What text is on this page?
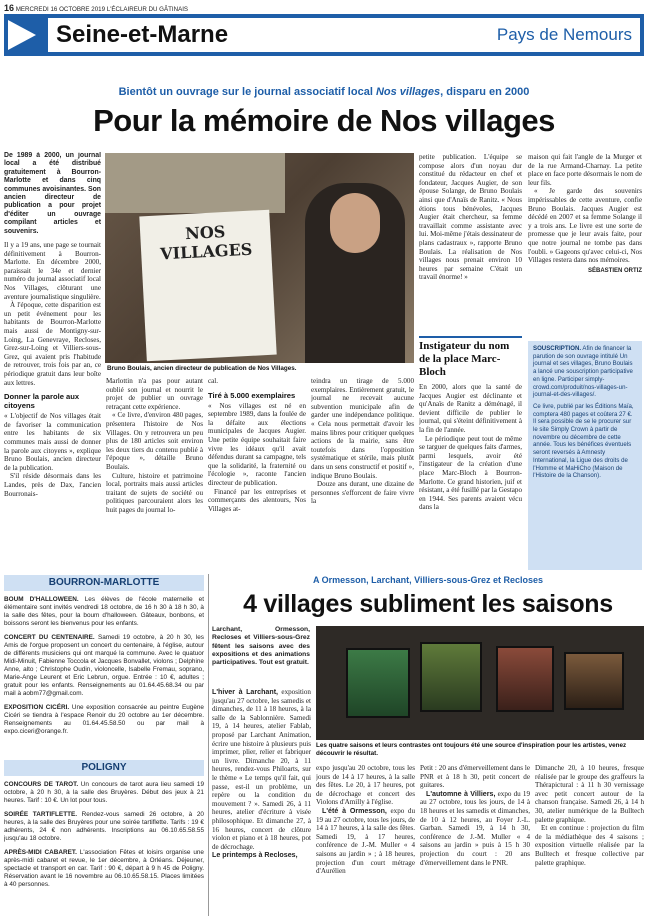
16 MERCREDI 16 OCTOBRE 2019 L'ÉCLAIREUR DU GÂTINAIS
Seine-et-Marne	Pays de Nemours
Bientôt un ouvrage sur le journal associatif local Nos villages, disparu en 2000
Pour la mémoire de Nos villages
De 1989 à 2000, un journal local a été distribué gratuitement à Bourron-Marlotte et dans cinq communes avoisinantes. Son ancien directeur de publication a pour projet d'éditer un ouvrage compilant articles et souvenirs.

Il y a 19 ans, une page se tournait définitivement à Bourron-Marlotte. En décembre 2000, paraissait le 34e et dernier numéro du journal associatif local Nos Villages, clôturant une aventure journalistique singulière.

À l'époque, cette disparition est un petit événement pour les habitants de Bourron-Marlotte mais aussi de Montigny-sur-Loing, La Genevraye, Recloses, Grez-sur-Loing et Villiers-sous-Grez, qui avaient pris l'habitude de retrouver, trois fois par an, ce périodique gratuit dans leur boîte aux lettres.

Donner la parole aux citoyens

« L'objectif de Nos villages était de favoriser la communication entre les habitants de six communes mais aussi de donner la parole aux citoyens », explique Bruno Boulais, ancien directeur de la publication.

S'il réside désormais dans les Landes, près de Dax, l'ancien Bourronais-

NOS VILLAGES
Bruno Boulais, ancien directeur de publication de Nos Villages.

Marlottin n'a pas pour autant oublié son journal et nourrit le projet de publier un ouvrage retraçant cette expérience.

« Ce livre, d'environ 480 pages, présentera l'histoire de Nos Villages. On y retrouvera un peu plus de 180 articles soit environ les deux tiers du contenu publié à l'époque », détaille Bruno Boulais.

Culture, histoire et patrimoine local, portraits mais aussi articles traitant de sujets de société ou politiques parcouraient alors les huit pages du journal lo-

cal.

Tiré à 5.000 exemplaires

« Nos villages est né en septembre 1989, dans la foulée de la défaite aux élections municipales de Jacques Augier. Une petite équipe souhaitait faire vivre les idéaux qu'il avait défendus durant sa campagne, tels que la solidarité, la fraternité ou l'écologie », raconte l'ancien directeur de publication.

Financé par les entreprises et commerçants des alentours, Nos Villages at-

teindra un tirage de 5.000 exemplaires. Entièrement gratuit, le journal ne recevait aucune subvention municipale afin de garder une indépendance politique. « Cela nous permettait d'avoir les mains libres pour critiquer quelques actions de la mairie, sans être toutefois dans l'opposition systématique et stérile, mais plutôt dans un sens constructif et positif », indique Bruno Boulais.

Douze ans durant, une dizaine de personnes s'efforcent de faire vivre la

petite publication. L'équipe se compose alors d'un noyau dur constitué du rédacteur en chef et fondateur, Jacques Augier, de son épouse Solange, de Bruno Boulais ainsi que d'Anaïs de Ranitz. « Nous étions tous bénévoles, Jacques Augier était chercheur, sa femme travaillait comme assistante avec lui. Moi-même j'étais dessinateur de plans cadastraux », rapporte Bruno Boulais. La réalisation de Nos villages nous prenait environ 10 heures par semaine C'était un travail énorme! »

Instigateur du nom de la place Marc-Bloch

En 2000, alors que la santé de Jacques Augier est déclinante et qu'Anaïs de Ranitz a déménagé, il devient difficile de publier le journal, qui s'éteint définitivement à la fin de l'année.

Le périodique peut tout de même se targuer de quelques faits d'armes, parmi lesquels, avoir été l'instigateur de la création d'une place Marc-Bloch à Bourron-Marlotte. Ce grand historien, juif et résistant, a été fusillé par la Gestapo en 1944. Ses parents avaient vécu dans la

maison qui fait l'angle de la Murger et de la rue Armand-Charnay. La petite place en face porte désormais le nom de leur fils.

« Je garde des souvenirs impérissables de cette aventure, confie Bruno Boulais. Jacques Augier est décédé en 2007 et sa femme Solange il y a trois ans. Le livre est une sorte de promesse que je leur avais faite, pour que notre journal ne tombe pas dans l'oubli. » Gageons qu'avec celui-ci, Nos Villages restera dans nos mémoires.

SÉBASTIEN ORTIZ
SOUSCRIPTION. Afin de financer la parution de son ouvrage intitulé Un journal et ses villages, Bruno Boulais a lancé une souscription participative en ligne. Participer simply-crowd.com/produit/nos-villages-un-journal-et-des-villages/.
Ce livre, publié par les Éditions Maïa, comptera 480 pages et coûtera 27 €. Il sera possible de se le procurer sur le site Simply Crown à partir de novembre ou décembre de cette année. Tous les bénéfices éventuels seront reversés à Amnesty International, la Ligue des droits de l'Homme et MaHiCho (Maison de l'Histoire de la Chanson).
BOURRON-MARLOTTE
BOUM D'HALLOWEEN. Les élèves de l'école maternelle et élémentaire sont invités vendredi 18 octobre, de 16 h 30 à 18 h 30, à la salle des fêtes, pour la boum d'halloween. Gâteaux, bonbons, et boissons seront les bienvenus pour les enfants.
CONCERT DU CENTENAIRE. Samedi 19 octobre, à 20 h 30, les Amis de l'orgue proposent un concert du centenaire, à l'église, autour de différents musiciens qui ont marqué la commune. Avec le quatuor Midi-Minuit, Fabienne Toccola et Jacques Bonvallet, violons ; Delphine Anne, alto ; Christophe Oudin, violoncelle, Isabelle Fremau, soprano, Marie-Ange Leurent et Eric Lebrun, orgue. Entrée : 10 €, adultes ; gratuit pour les enfants. Renseignements au 01.64.45.68.34 ou par mail à aobm77@gmail.com.
EXPOSITION CICÉRI. Une exposition consacrée au peintre Eugène Cicéri se tiendra à l'espace Renoir du 20 octobre au 1er décembre. Renseignements au 01.64.45.58.50 ou par mail à expo.ciceri@orange.fr.
POLIGNY
CONCOURS DE TAROT. Un concours de tarot aura lieu samedi 19 octobre, à 20 h 30, à la salle des Bruyères. Début des jeux à 21 heures. Tarif : 10 €. Un lot pour tous.
SOIRÉE TARTIFLETTE. Rendez-vous samedi 26 octobre, à 20 heures, à la salle des Bruyères pour une soirée tartiflette. Tarifs : 19 € adhérents, 24 € non adhérents. Inscriptions au 06.10.65.58.55 jusqu'au 18 octobre.
APRÈS-MIDI CABARET. L'association Fêtes et loisirs organise une après-midi cabaret et revue, le 1er décembre, à Orléans. Déjeuner, spectacle et transport en car. Tarif : 90 €, départ à 9 h 45 de Poligny. Réservation avant le 16 novembre au 06.10.65.58.15. Places limitées à 40 personnes.
A Ormesson, Larchant, Villiers-sous-Grez et Recloses
4 villages subliment les saisons
Larchant, Ormesson, Recloses et Villiers-sous-Grez fêtent les saisons avec des expositions et des animations participatives. Tout est gratuit.
Les quatre saisons et leurs contrastes ont toujours été une source d'inspiration pour les artistes, venez découvrir le résultat.

L'hiver à Larchant, exposition jusqu'au 27 octobre, les samedis et dimanches, de 11 à 18 heures, à la salle de la Sablonnière. Samedi 19, à 14 heures, atelier Fablab, proposé par Larchant Animation, écrire une histoire à plusieurs puis imprimer, plier, relier et fabriquer un livre. Dimanche 20, à 11 heures, rendez-vous Philoarts, sur le thème « Le temps qu'il fait, qui passe, est-il un problème, un repère ou la condition du mouvement ? ». Samedi 26, à 11 heures, atelier d'écriture à visée philosophique. Et dimanche 27, à 16 heures, concert de clôture violon et piano et à 18 heures, pot de décrochage.

Le printemps à Recloses,

expo jusqu'au 20 octobre, tous les jours de 14 à 17 heures, à la salle des fêtes. Le 20, à 17 heures, pot de décrochage et concert des Violons d'Amilly à l'église.

L'été à Ormesson, expo du 19 au 27 octobre, tous les jours, de 14 à 17 heures, à la salle des fêtes. Samedi 19, à 17 heures, conférence de J.-M. Muller « 4 saisons au jardin » ; à 18 heures, projection d'un court métrage d'Aurélien

Petit : 20 ans d'émerveillement dans le PNR et à 18 h 30, petit concert de guitares.

L'automne à Villiers, expo du 19 au 27 octobre, tous les jours, de 14 à 18 heures et les samedis et dimanches, de 10 à 12 heures, au Foyer J.-L. Garban. Samedi 19, à 14 h 30, conférence de J.-M. Muller « 4 saisons au jardin » puis à 15 h 30 projection du court : 20 ans d'émerveillement dans le PNR.

Dimanche 20, à 10 heures, fresque réalisée par le groupe des graffeurs la Thérapictural : à 11 h 30 vernissage avec petit concert autour de la chanson française. Samedi 26, à 14 h 30, atelier numérique de la Bulltech palette graphique.

Et en continue : projection du film de la médiathèque des 4 saisons ; exposition virtuelle réalisée par la Bulltech et fresque collective par palette graphique.
